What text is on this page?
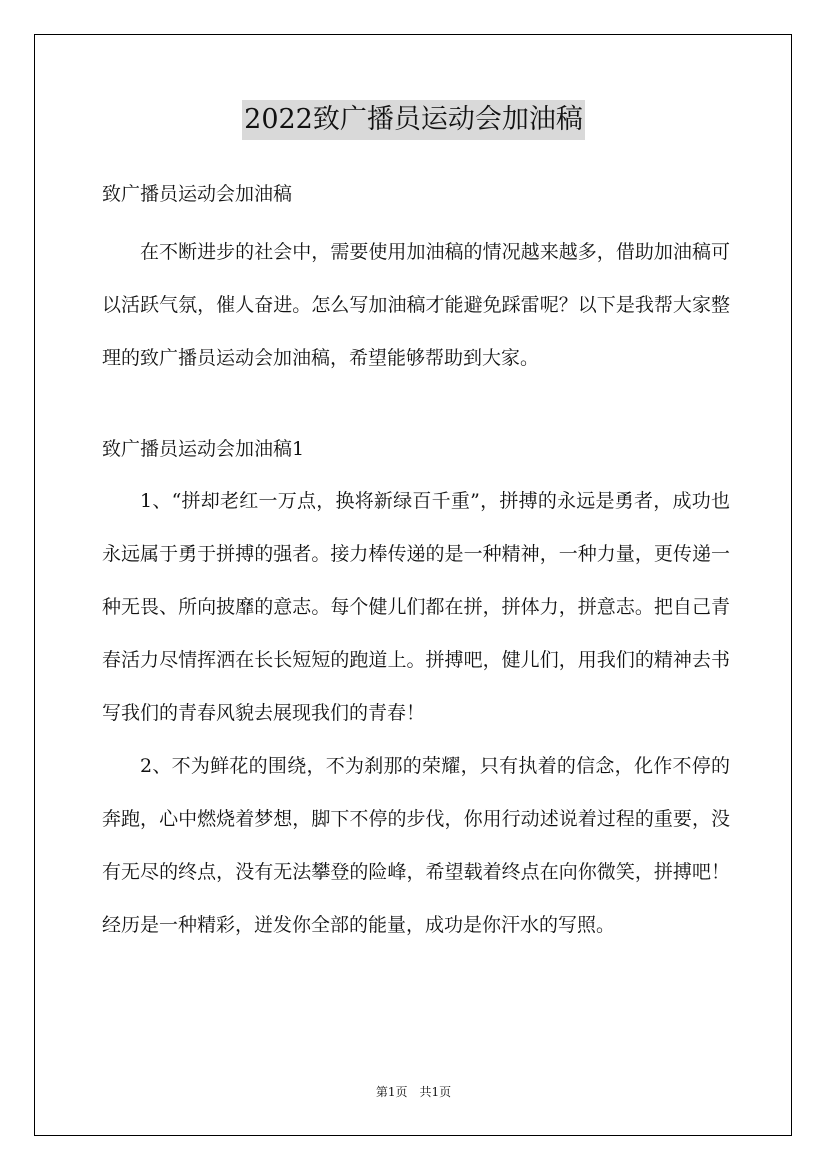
2022致广播员运动会加油稿

致广播员运动会加油稿

在不断进步的社会中，需要使用加油稿的情况越来越多，借助加油稿可以活跃气氛，催人奋进。怎么写加油稿才能避免踩雷呢？以下是我帮大家整理的致广播员运动会加油稿，希望能够帮助到大家。

致广播员运动会加油稿1

1、“拼却老红一万点，换将新绿百千重”，拼搏的永远是勇者，成功也永远属于勇于拼搏的强者。接力棒传递的是一种精神，一种力量，更传递一种无畏、所向披靡的意志。每个健儿们都在拼，拼体力，拼意志。把自己青春活力尽情挥洒在长长短短的跑道上。拼搏吧，健儿们，用我们的精神去书写我们的青春风貌去展现我们的青春！

2、不为鲜花的围绕，不为刹那的荣耀，只有执着的信念，化作不停的奔跑，心中燃烧着梦想，脚下不停的步伐，你用行动述说着过程的重要，没有无尽的终点，没有无法攀登的险峰，希望载着终点在向你微笑，拼搏吧！经历是一种精彩，迸发你全部的能量，成功是你汗水的写照。

第1页　共1页
